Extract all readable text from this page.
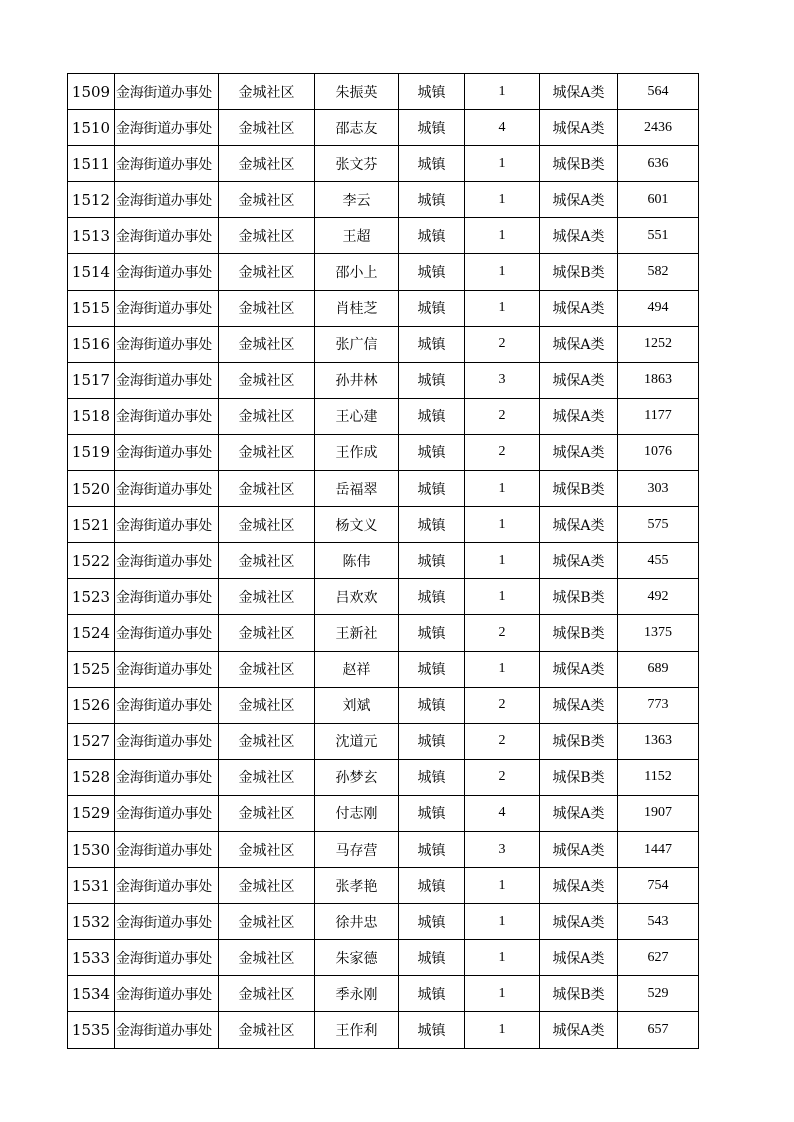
1509	金海街道办事处	金城社区	朱振英	城镇	1	城保A类	564
1510	金海街道办事处	金城社区	邵志友	城镇	4	城保A类	2436
1511	金海街道办事处	金城社区	张文芬	城镇	1	城保B类	636
1512	金海街道办事处	金城社区	李云	城镇	1	城保A类	601
1513	金海街道办事处	金城社区	王超	城镇	1	城保A类	551
1514	金海街道办事处	金城社区	邵小上	城镇	1	城保B类	582
1515	金海街道办事处	金城社区	肖桂芝	城镇	1	城保A类	494
1516	金海街道办事处	金城社区	张广信	城镇	2	城保A类	1252
1517	金海街道办事处	金城社区	孙井林	城镇	3	城保A类	1863
1518	金海街道办事处	金城社区	王心建	城镇	2	城保A类	1177
1519	金海街道办事处	金城社区	王作成	城镇	2	城保A类	1076
1520	金海街道办事处	金城社区	岳福翠	城镇	1	城保B类	303
1521	金海街道办事处	金城社区	杨文义	城镇	1	城保A类	575
1522	金海街道办事处	金城社区	陈伟	城镇	1	城保A类	455
1523	金海街道办事处	金城社区	吕欢欢	城镇	1	城保B类	492
1524	金海街道办事处	金城社区	王新社	城镇	2	城保B类	1375
1525	金海街道办事处	金城社区	赵祥	城镇	1	城保A类	689
1526	金海街道办事处	金城社区	刘斌	城镇	2	城保A类	773
1527	金海街道办事处	金城社区	沈道元	城镇	2	城保B类	1363
1528	金海街道办事处	金城社区	孙梦玄	城镇	2	城保B类	1152
1529	金海街道办事处	金城社区	付志刚	城镇	4	城保A类	1907
1530	金海街道办事处	金城社区	马存营	城镇	3	城保A类	1447
1531	金海街道办事处	金城社区	张孝艳	城镇	1	城保A类	754
1532	金海街道办事处	金城社区	徐井忠	城镇	1	城保A类	543
1533	金海街道办事处	金城社区	朱家德	城镇	1	城保A类	627
1534	金海街道办事处	金城社区	季永刚	城镇	1	城保B类	529
1535	金海街道办事处	金城社区	王作利	城镇	1	城保A类	657
